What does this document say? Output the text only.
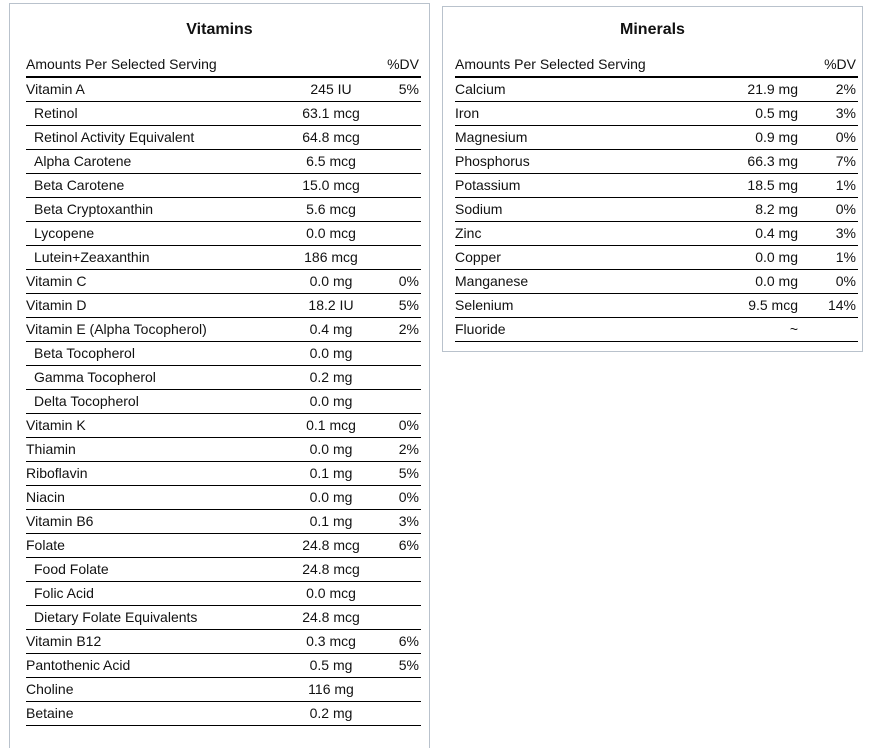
Vitamins
Amounts Per Selected Serving	%DV
Vitamin A	245 IU	5%
Retinol	63.1 mcg
Retinol Activity Equivalent	64.8 mcg
Alpha Carotene	6.5 mcg
Beta Carotene	15.0 mcg
Beta Cryptoxanthin	5.6 mcg
Lycopene	0.0 mcg
Lutein+Zeaxanthin	186 mcg
Vitamin C	0.0 mg	0%
Vitamin D	18.2 IU	5%
Vitamin E (Alpha Tocopherol)	0.4 mg	2%
Beta Tocopherol	0.0 mg
Gamma Tocopherol	0.2 mg
Delta Tocopherol	0.0 mg
Vitamin K	0.1 mcg	0%
Thiamin	0.0 mg	2%
Riboflavin	0.1 mg	5%
Niacin	0.0 mg	0%
Vitamin B6	0.1 mg	3%
Folate	24.8 mcg	6%
Food Folate	24.8 mcg
Folic Acid	0.0 mcg
Dietary Folate Equivalents	24.8 mcg
Vitamin B12	0.3 mcg	6%
Pantothenic Acid	0.5 mg	5%
Choline	116 mg
Betaine	0.2 mg
Minerals
Amounts Per Selected Serving	%DV
Calcium	21.9 mg	2%
Iron	0.5 mg	3%
Magnesium	0.9 mg	0%
Phosphorus	66.3 mg	7%
Potassium	18.5 mg	1%
Sodium	8.2 mg	0%
Zinc	0.4 mg	3%
Copper	0.0 mg	1%
Manganese	0.0 mg	0%
Selenium	9.5 mcg 14%
Fluoride	~
